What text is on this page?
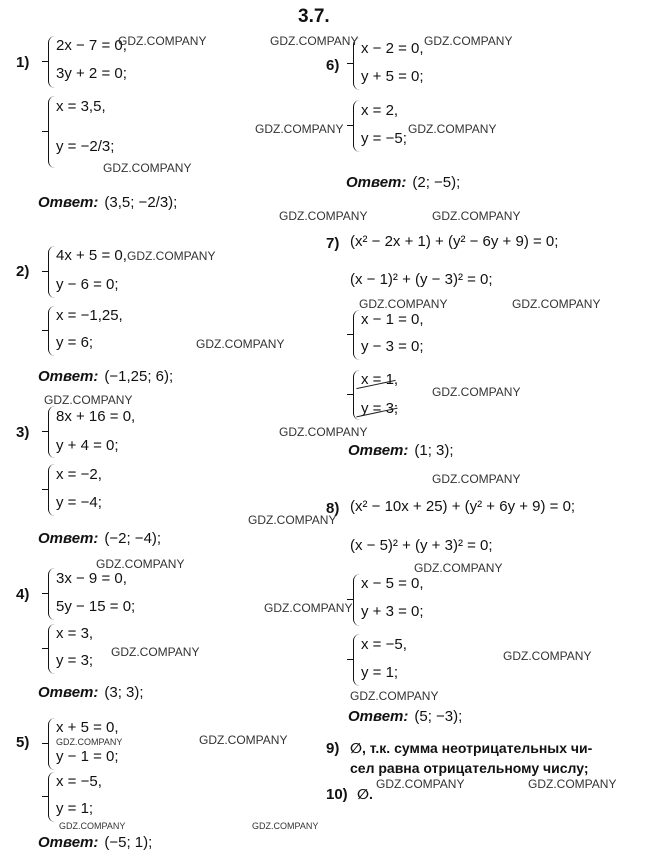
3.7.
1)
2x − 7 = 0,
3y + 2 = 0;
x = 3,5,
y = −2/3;
Ответ: (3,5; −2/3);
2)
4x + 5 = 0,
y − 6 = 0;
x = −1,25,
y = 6;
Ответ: (−1,25; 6);
3)
8x + 16 = 0,
y + 4 = 0;
x = −2,
y = −4;
Ответ: (−2; −4);
4)
3x − 9 = 0,
5y − 15 = 0;
x = 3,
y = 3;
Ответ: (3; 3);
5)
x + 5 = 0,
y − 1 = 0;
x = −5,
y = 1;
Ответ: (−5; 1);
6)
x − 2 = 0,
y + 5 = 0;
x = 2,
y = −5;
Ответ: (2; −5);
7) (x² − 2x + 1) + (y² − 6y + 9) = 0;
(x − 1)² + (y − 3)² = 0;
x − 1 = 0,
y − 3 = 0;
x = 1,
y = 3;
Ответ: (1; 3);
8) (x² − 10x + 25) + (y² + 6y + 9) = 0;
(x − 5)² + (y + 3)² = 0;
x − 5 = 0,
y + 3 = 0;
x = −5,
y = 1;
Ответ: (5; −3);
9) ∅, т.к. сумма неотрицательных чи-
сел равна отрицательному числу;
10) ∅.
GDZ.COMPANY	GDZ.COMPANY	GDZ.COMPANY
GDZ.COMPANY	GDZ.COMPANY
GDZ.COMPANY
GDZ.COMPANY	GDZ.COMPANY
GDZ.COMPANY
GDZ.COMPANY	GDZ.COMPANY
GDZ.COMPANY
GDZ.COMPANY
GDZ.COMPANY
GDZ.COMPANY
GDZ.COMPANY
GDZ.COMPANY
GDZ.COMPANY	GDZ.COMPANY
GDZ.COMPANY
GDZ.COMPANY	GDZ.COMPANY
GDZ.COMPANY
GDZ.COMPANY
GDZ.COMPANY
GDZ.COMPANY	GDZ.COMPANY
GDZ.COMPANY	GDZ.COMPANY
